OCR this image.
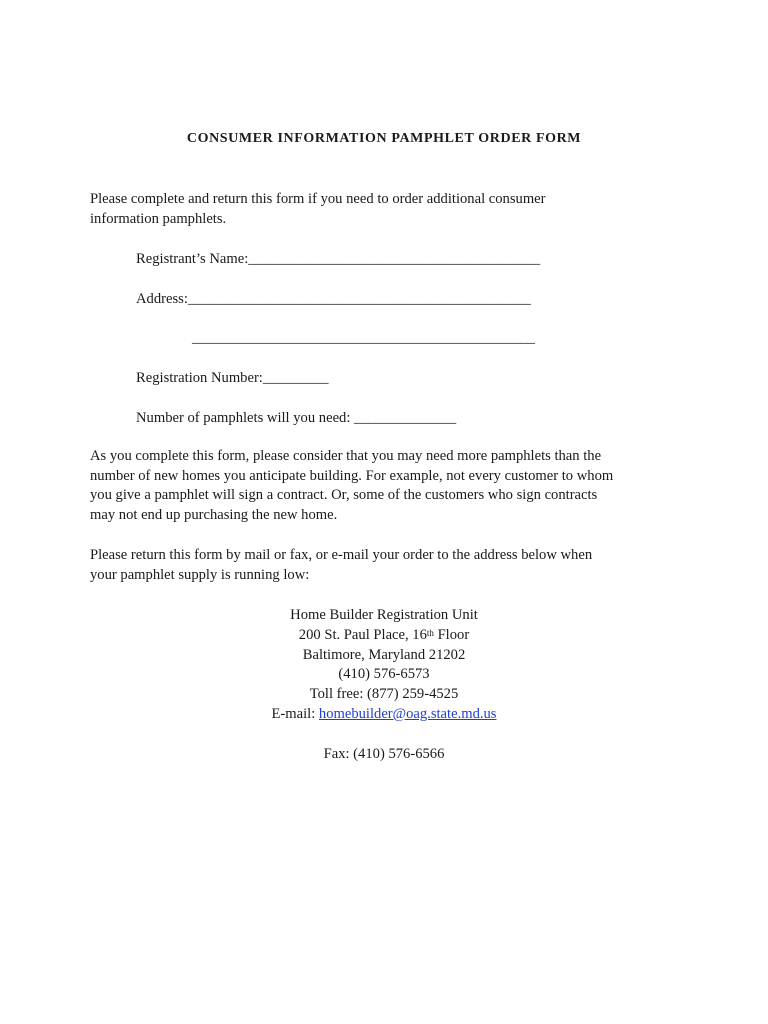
CONSUMER INFORMATION PAMPHLET ORDER FORM
Please complete and return this form if you need to order additional consumer
information pamphlets.
Registrant’s Name:________________________________________
Address:_______________________________________________
_______________________________________________
Registration Number:_________
Number of pamphlets will you need: ______________
As you complete this form, please consider that you may need more pamphlets than the
number of new homes you anticipate building. For example, not every customer to whom
you give a pamphlet will sign a contract. Or, some of the customers who sign contracts
may not end up purchasing the new home.
Please return this form by mail or fax, or e-mail your order to the address below when
your pamphlet supply is running low:
Home Builder Registration Unit
200 St. Paul Place, 16th Floor
Baltimore, Maryland 21202
(410) 576-6573
Toll free: (877) 259-4525
E-mail: homebuilder@oag.state.md.us
Fax: (410) 576-6566
